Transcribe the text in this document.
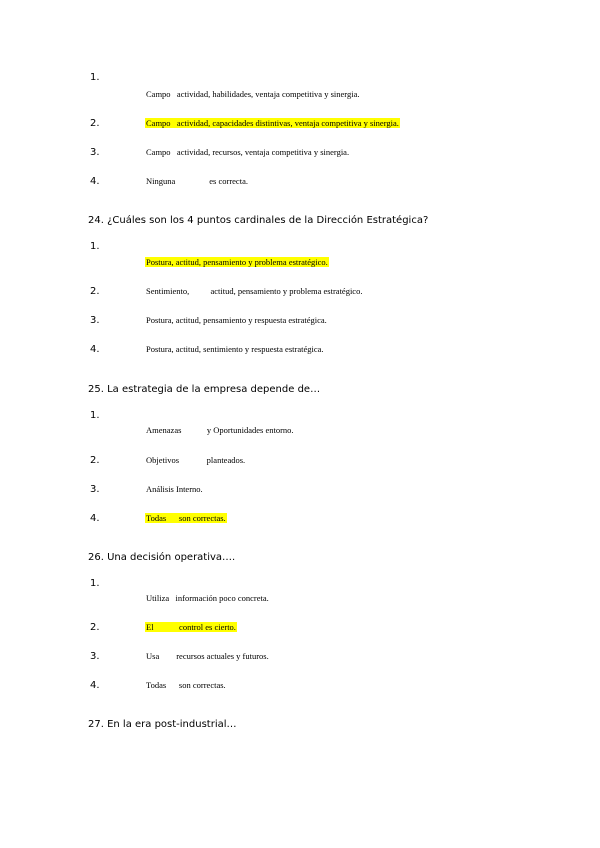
1.
Campo   actividad, habilidades, ventaja competitiva y sinergia.
2.	Campo   actividad, capacidades distintivas, ventaja competitiva y sinergia.
3.	Campo   actividad, recursos, ventaja competitiva y sinergia.
4.	Ninguna                es correcta.
24. ¿Cuáles son los 4 puntos cardinales de la Dirección Estratégica?
1.
Postura, actitud, pensamiento y problema estratégico.
2.	Sentimiento,          actitud, pensamiento y problema estratégico.
3.	Postura, actitud, pensamiento y respuesta estratégica.
4.	Postura, actitud, sentimiento y respuesta estratégica.
25. La estrategia de la empresa depende de…
1.
Amenazas            y Oportunidades entorno.
2.	Objetivos             planteados.
3.	Análisis Interno.
4.	Todas      son correctas.
26. Una decisión operativa….
1.
Utiliza   información poco concreta.
2.	El            control es cierto.
3.	Usa        recursos actuales y futuros.
4.	Todas      son correctas.
27. En la era post-industrial…
